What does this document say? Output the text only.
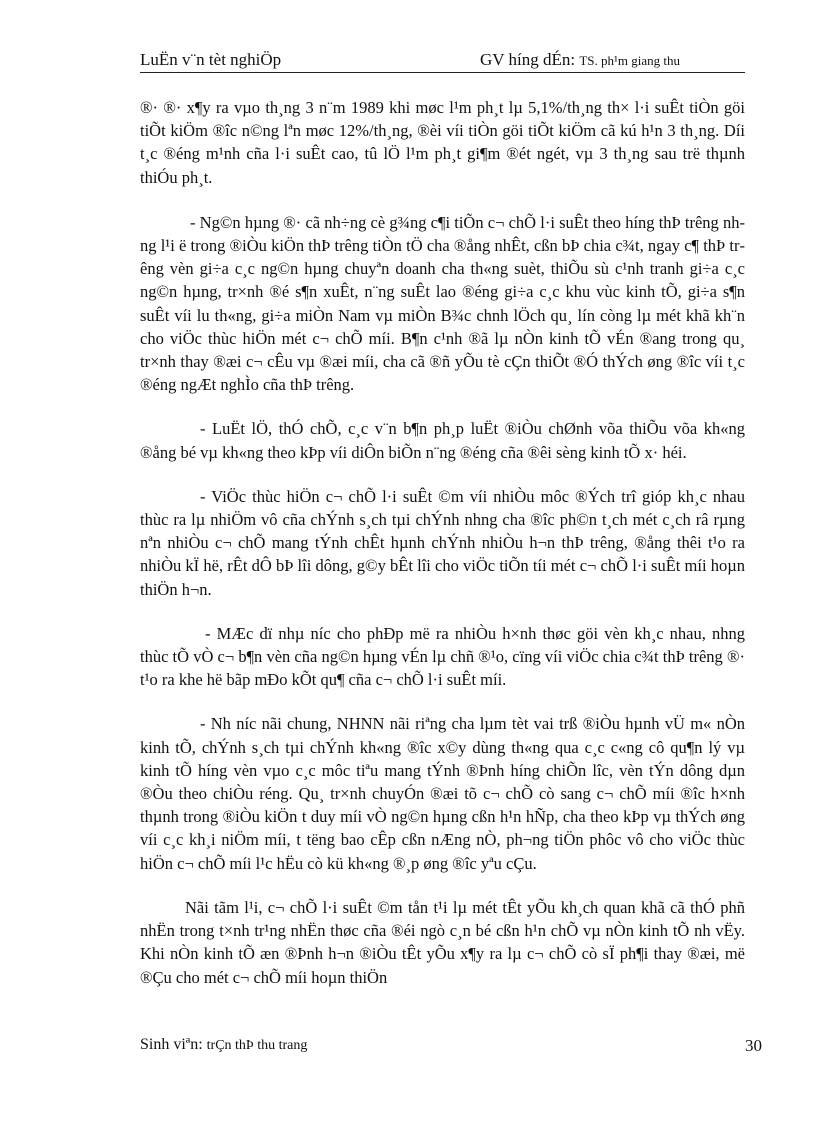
LuËn v¨n tèt nghiÖp	GV híng dÉn: TS. ph¹m giang thu

®· ®· x¶y ra vµo th¸ng 3 n¨m 1989 khi møc l¹m ph¸t lµ 5,1%/th¸ng th× l·i suÊt tiÒn göi tiÕt kiÖm ®îc n©ng lªn møc 12%/th¸ng, ®èi víi tiÒn göi tiÕt kiÖm cã kú h¹n 3 th¸ng. Díi t¸c ®éng m¹nh cña l·i suÊt cao, tû lÖ l¹m ph¸t gi¶m ®ét ngét, vµ 3 th¸ng sau trë thµnh thiÓu ph¸t.

- Ng©n hµng ®· cã nh÷ng cè g¾ng c¶i tiÕn c¬ chÕ l·i suÊt theo híng thÞ trêng nhng l¹i ë trong ®iÒu kiÖn thÞ trêng tiÒn tÖ cha ®ång nhÊt, cßn bÞ chia c¾t, ngay c¶ thÞ trêng vèn gi÷a c¸c ng©n hµng chuyªn doanh cha th«ng suèt, thiÕu sù c¹nh tranh gi÷a c¸c ng©n hµng, tr×nh ®é s¶n xuÊt, n¨ng suÊt lao ®éng gi÷a c¸c khu vùc kinh tÕ, gi÷a s¶n suÊt víi lu th«ng, gi÷a miÒn Nam vµ miÒn B¾c chnh lÖch qu¸ lín còng lµ mét khã kh¨n cho viÖc thùc hiÖn mét c¬ chÕ míi. B¶n c¹nh ®ã lµ nÒn kinh tÕ vÉn ®ang trong qu¸ tr×nh thay ®æi c¬ cÊu vµ ®æi míi, cha cã ®ñ yÕu tè cÇn thiÕt ®Ó thÝch øng ®îc víi t¸c ®éng ngÆt nghÌo cña thÞ trêng.

- LuËt lÖ, thÓ chÕ, c¸c v¨n b¶n ph¸p luËt ®iÒu chØnh võa thiÕu võa kh«ng ®ång bé vµ kh«ng theo kÞp víi diÔn biÕn n¨ng ®éng cña ®êi sèng kinh tÕ x· héi.

- ViÖc thùc hiÖn c¬ chÕ l·i suÊt ©m víi nhiÒu môc ®Ých trî gióp kh¸c nhau thùc ra lµ nhiÖm vô cña chÝnh s¸ch tµi chÝnh nhng cha ®îc ph©n t¸ch mét c¸ch râ rµng nªn nhiÒu c¬ chÕ mang tÝnh chÊt hµnh chÝnh nhiÒu h¬n thÞ trêng, ®ång thêi t¹o ra nhiÒu kÏ hë, rÊt dÔ bÞ lîi dông, g©y bÊt lîi cho viÖc tiÕn tíi mét c¬ chÕ l·i suÊt míi hoµn thiÖn h¬n.

- MÆc dï nhµ níc cho phÐp më ra nhiÒu h×nh thøc göi vèn kh¸c nhau, nhng thùc tÕ vÒ c¬ b¶n vèn cña ng©n hµng vÉn lµ chñ ®¹o, cïng víi viÖc chia c¾t thÞ trêng ®· t¹o ra khe hë bãp mÐo kÕt qu¶ cña c¬ chÕ l·i suÊt míi.

- Nh níc nãi chung, NHNN nãi riªng cha lµm tèt vai trß ®iÒu hµnh vÜ m« nÒn kinh tÕ, chÝnh s¸ch tµi chÝnh kh«ng ®îc x©y dùng th«ng qua c¸c c«ng cô qu¶n lý vµ kinh tÕ híng vèn vµo c¸c môc tiªu mang tÝnh ®Þnh híng chiÕn lîc, vèn tÝn dông dµn ®Òu theo chiÒu réng. Qu¸ tr×nh chuyÓn ®æi tõ c¬ chÕ cò sang c¬ chÕ míi ®îc h×nh thµnh trong ®iÒu kiÖn t duy míi vÒ ng©n hµng cßn h¹n hÑp, cha theo kÞp vµ thÝch øng víi c¸c kh¸i niÖm míi, t tëng bao cÊp cßn nÆng nÒ, ph¬ng tiÖn phôc vô cho viÖc thùc hiÖn c¬ chÕ míi l¹c hËu cò kü kh«ng ®¸p øng ®îc yªu cÇu.

Nãi tãm l¹i, c¬ chÕ l·i suÊt ©m tån t¹i lµ mét tÊt yÕu kh¸ch quan khã cã thÓ phñ nhËn trong t×nh tr¹ng nhËn thøc cña ®éi ngò c¸n bé cßn h¹n chÕ vµ nÒn kinh tÕ nh vËy. Khi nÒn kinh tÕ æn ®Þnh h¬n ®iÒu tÊt yÕu x¶y ra lµ c¬ chÕ cò sÏ ph¶i thay ®æi, më ®Çu cho mét c¬ chÕ míi hoµn thiÖn

Sinh viªn: trÇn thÞ thu trang	30
